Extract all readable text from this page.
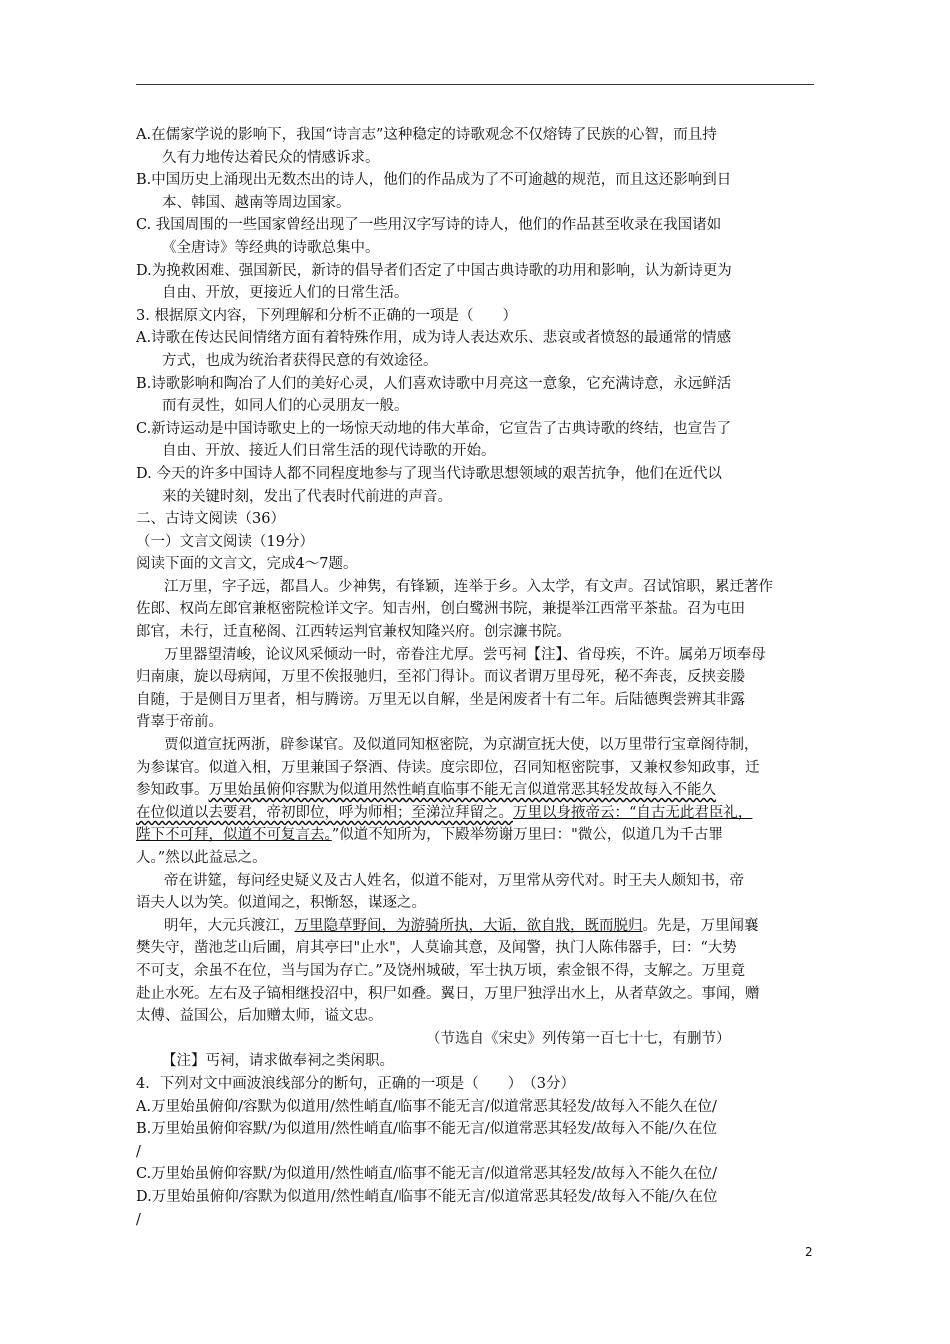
A.在儒家学说的影响下，我国“诗言志”这种稳定的诗歌观念不仅熔铸了民族的心智，而且持
久有力地传达着民众的情感诉求。
B.中国历史上涌现出无数杰出的诗人，他们的作品成为了不可逾越的规范，而且这还影响到日
本、韩国、越南等周边国家。
C. 我国周围的一些国家曾经出现了一些用汉字写诗的诗人，他们的作品甚至收录在我国诸如
《全唐诗》等经典的诗歌总集中。
D.为挽救困难、强国新民，新诗的倡导者们否定了中国古典诗歌的功用和影响，认为新诗更为
自由、开放，更接近人们的日常生活。
3. 根据原文内容，下列理解和分析不正确的一项是（　　）
A.诗歌在传达民间情绪方面有着特殊作用，成为诗人表达欢乐、悲哀或者愤怒的最通常的情感
方式，也成为统治者获得民意的有效途径。
B.诗歌影响和陶冶了人们的美好心灵，人们喜欢诗歌中月亮这一意象，它充满诗意，永远鲜活
而有灵性，如同人们的心灵朋友一般。
C.新诗运动是中国诗歌史上的一场惊天动地的伟大革命，它宣告了古典诗歌的终结，也宣告了
自由、开放、接近人们日常生活的现代诗歌的开始。
D. 今天的许多中国诗人都不同程度地参与了现当代诗歌思想领域的艰苦抗争，他们在近代以
来的关键时刻，发出了代表时代前进的声音。
二、古诗文阅读（36）
（一）文言文阅读（19分）
阅读下面的文言文，完成4～7题。
江万里，字子远，都昌人。少神隽，有锋颖，连举于乡。入太学，有文声。召试馆职，累迁著作
佐郎、权尚左郎官兼枢密院检详文字。知吉州，创白鹭洲书院，兼提举江西常平茶盐。召为屯田
郎官，未行，迁直秘阁、江西转运判官兼权知隆兴府。创宗濂书院。
万里器望清峻，论议风采倾动一时，帝眷注尤厚。尝丐祠【注】、省母疾，不许。属弟万顷奉母
归南康，旋以母病闻，万里不俟报驰归，至祁门得讣。而议者谓万里母死，秘不奔丧，反挟妾媵
自随，于是侧目万里者，相与腾谤。万里无以自解，坐是闲废者十有二年。后陆德舆尝辨其非露
背辜于帝前。
贾似道宣抚两浙，辟参谋官。及似道同知枢密院，为京湖宣抚大使，以万里带行宝章阁待制，
为参谋官。似道入相，万里兼国子祭酒、侍读。度宗即位，召同知枢密院事，又兼权参知政事，迁
参知政事。万里始虽俯仰容默为似道用然性峭直临事不能无言似道常恶其轻发故每入不能久
在位似道以去要君，帝初即位，呼为师相；至涕泣拜留之。万里以身掖帝云：“自古无此君臣礼，
陛下不可拜，似道不可复言去。”似道不知所为，下殿举笏谢万里曰："微公，似道几为千古罪
人。”然以此益忌之。
帝在讲筵，每问经史疑义及古人姓名，似道不能对，万里常从旁代对。时王夫人颇知书，帝
语夫人以为笑。似道闻之，积惭怒，谋逐之。
明年，大元兵渡江，万里隐草野间，为游骑所执，大诟，欲自戕，既而脱归。先是，万里闻襄
樊失守，凿池芝山后圃，肩其亭曰"止水"，人莫谕其意，及闻警，执门人陈伟器手，曰：“大势
不可支，余虽不在位，当与国为存亡。”及饶州城破，军士执万顷，索金银不得，支解之。万里竟
赴止水死。左右及子镐相继投沼中，积尸如叠。翼日，万里尸独浮出水上，从者草敛之。事闻，赠
太傅、益国公，后加赠太师，谥文忠。
（节选自《宋史》列传第一百七十七，有删节）
【注】丐祠，请求做奉祠之类闲职。
4．下列对文中画波浪线部分的断句，正确的一项是（　　）　（3分）
A.万里始虽俯仰/容默为似道用/然性峭直/临事不能无言/似道常恶其轻发/故每入不能久在位/
B.万里始虽俯仰容默/为似道用/然性峭直/临事不能无言/似道常恶其轻发/故每入不能/久在位
/
C.万里始虽俯仰容默/为似道用/然性峭直/临事不能无言/似道常恶其轻发/故每入不能久在位/
D.万里始虽俯仰/容默为似道用/然性峭直/临事不能无言/似道常恶其轻发/故每入不能/久在位
/
2
